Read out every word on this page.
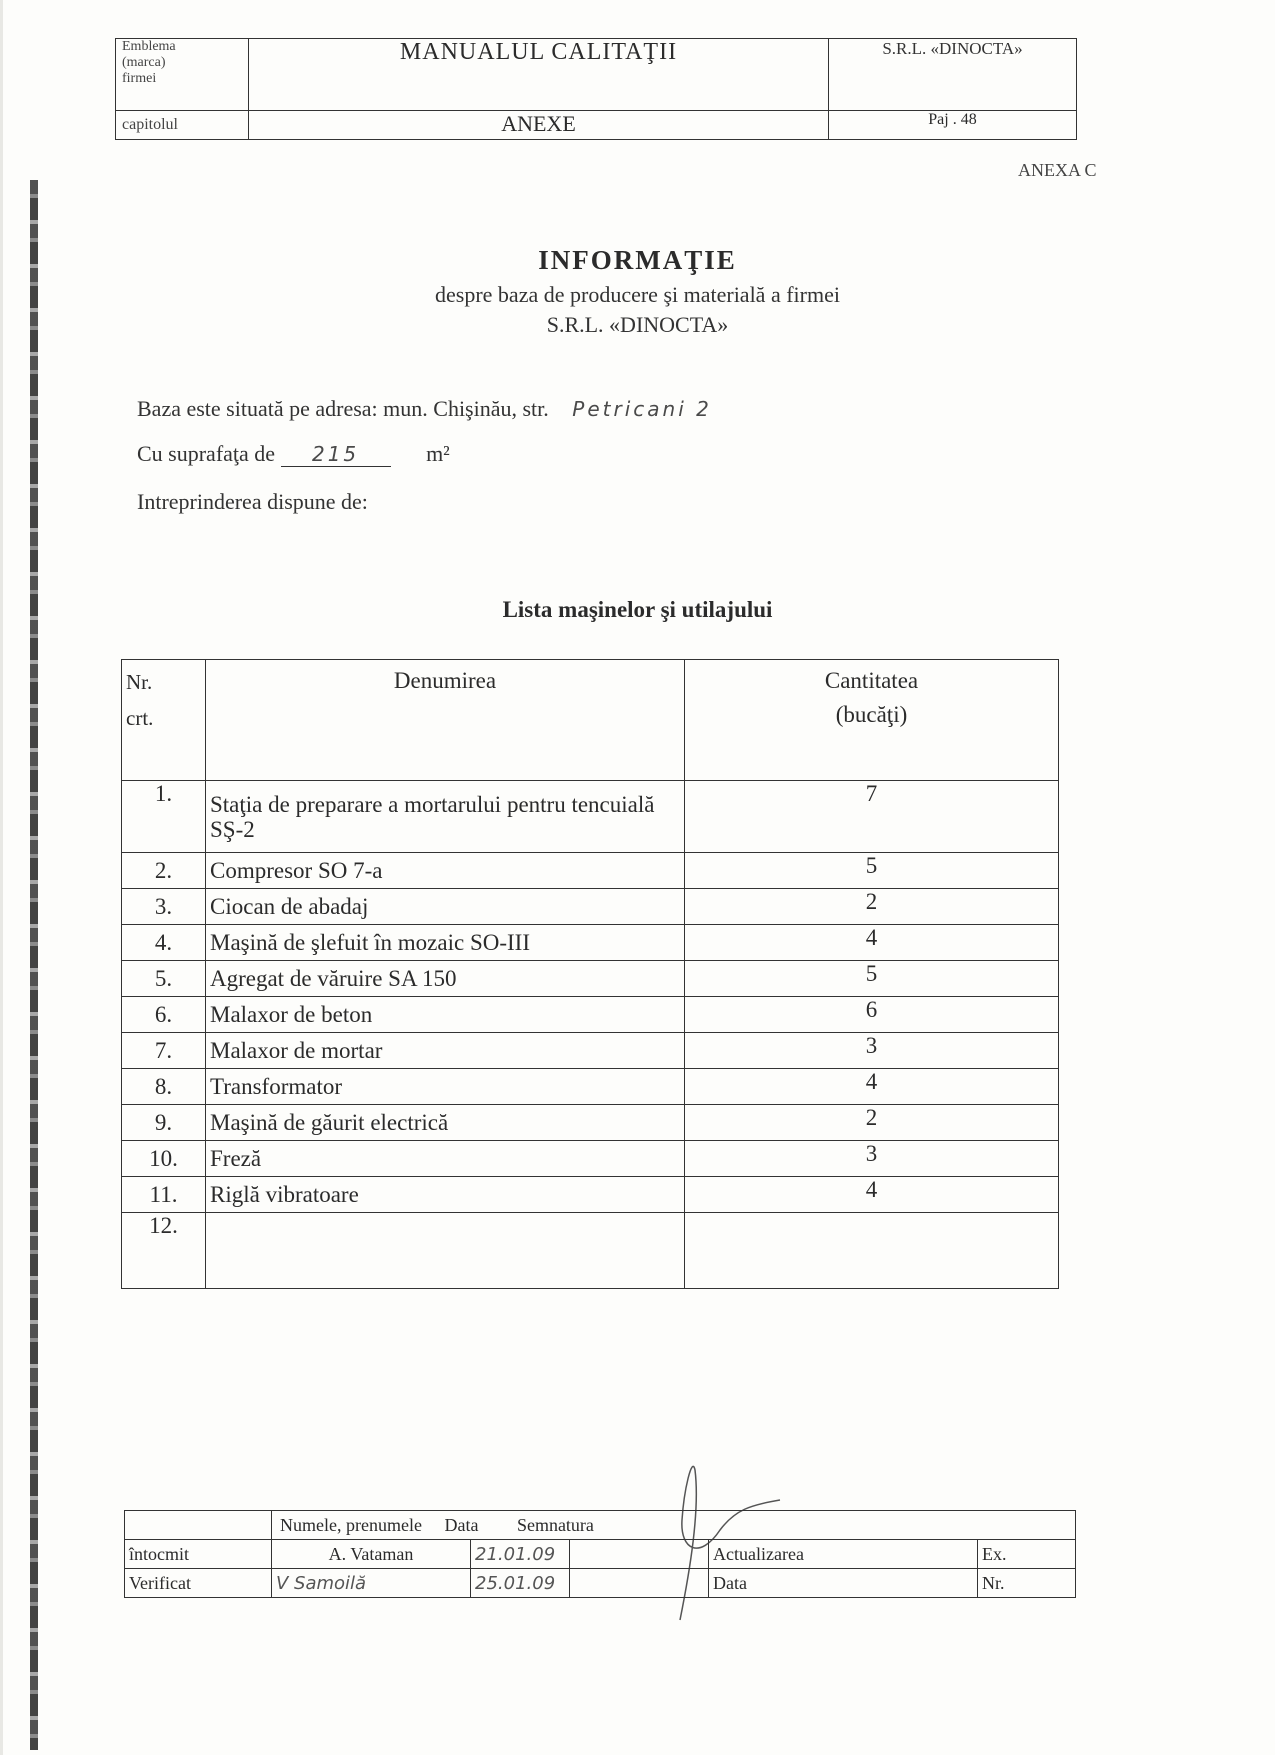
Emblema
(marca)
firmei	MANUALUL CALITAŢII	S.R.L. «DINOCTA»
capitolul	ANEXE	Paj . 48
ANEXA C
INFORMAŢIE
despre baza de producere şi materială a firmei
S.R.L. «DINOCTA»
Baza este situată pe adresa: mun. Chişinău, str. Petricani 2
Cu suprafaţa de 215	m²
Intreprinderea dispune de:
Lista maşinelor şi utilajului
Nr.
crt.	Denumirea	Cantitatea
(bucăţi)
1.	Staţia de preparare a mortarului pentru tencuială SŞ-2	7
2.	Compresor SO 7-a	5
3.	Ciocan de abadaj	2
4.	Maşină de şlefuit în mozaic SO-III	4
5.	Agregat de văruire SA 150	5
6.	Malaxor de beton	6
7.	Malaxor de mortar	3
8.	Transformator	4
9.	Maşină de găurit electrică	2
10.	Freză	3
11.	Riglă vibratoare	4
12.		
	Numele, prenumele Data Semnatura				
întocmit	A. Vataman	21.01.09		Actualizarea	Ex.
Verificat	V Samoilă	25.01.09		Data	Nr.
